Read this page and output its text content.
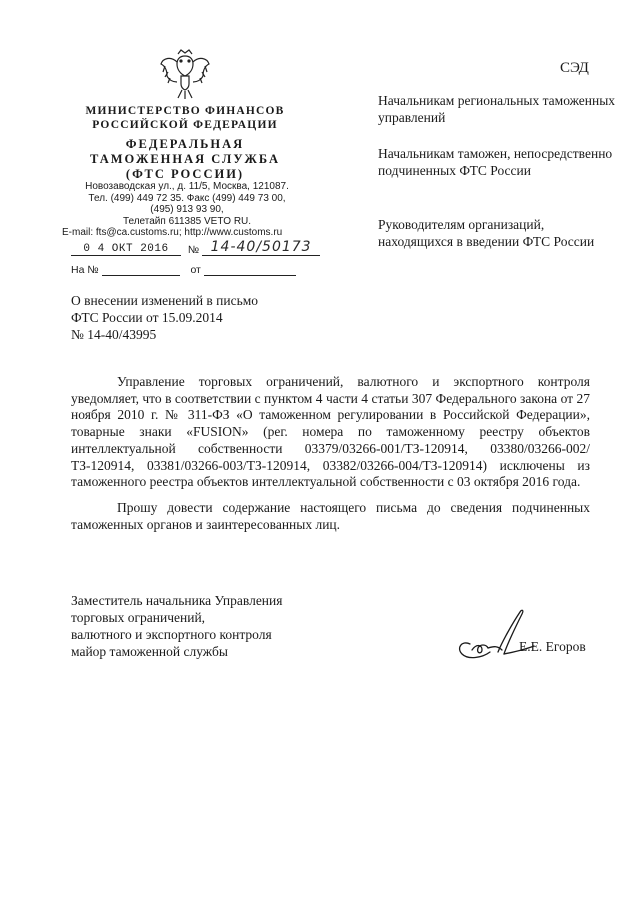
СЭД
МИНИСТЕРСТВО ФИНАНСОВ
РОССИЙСКОЙ ФЕДЕРАЦИИ
ФЕДЕРАЛЬНАЯ
ТАМОЖЕННАЯ СЛУЖБА
(ФТС РОССИИ)
Новозаводская ул., д. 11/5, Москва, 121087.
Тел. (499) 449 72 35. Факс (499) 449 73 00,
(495) 913 93 90,
Телетайп 611385 VETO RU.
E-mail: fts@ca.customs.ru; http://www.customs.ru
0 4 ОКТ 2016 № 14-40/50173
На №	от
Начальникам региональных таможенных управлений
Начальникам таможен, непосредственно подчиненных ФТС России
Руководителям организаций, находящихся в введении ФТС России
О внесении изменений в письмо
ФТС России от 15.09.2014
№ 14-40/43995

Управление торговых ограничений, валютного и экспортного контроля уведомляет, что в соответствии с пунктом 4 части 4 статьи 307 Федерального закона от 27 ноября 2010 г. № 311-ФЗ «О таможенном регулировании в Российской Федерации», товарные знаки «FUSION» (рег. номера по таможенному реестру объектов интеллектуальной собственности 03379/03266-001/ТЗ-120914, 03380/03266-002/ТЗ-120914, 03381/03266-003/ТЗ-120914, 03382/03266-004/ТЗ-120914) исключены из таможенного реестра объектов интеллектуальной собственности с 03 октября 2016 года.

Прошу довести содержание настоящего письма до сведения подчиненных таможенных органов и заинтересованных лиц.

Заместитель начальника Управления
торговых ограничений,
валютного и экспортного контроля
майор таможенной службы	Е.Е. Егоров
